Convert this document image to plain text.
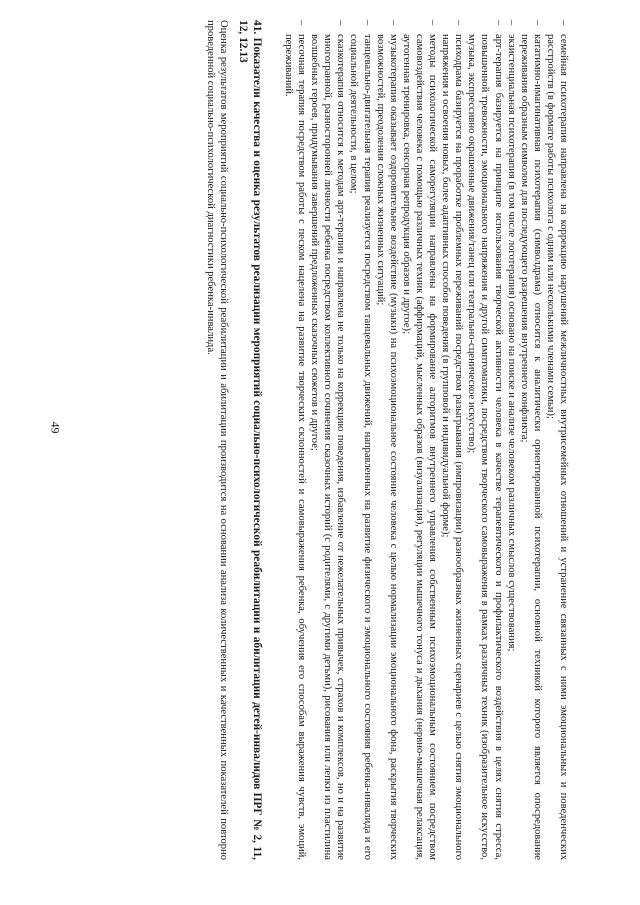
49
–
семейная психотерапия направлена на коррекцию нарушений межличностных внутрисемейных отношений и устранение связанных с ними эмоциональных и поведенческих расстройств (в формате работы психолога с одним или несколькими членами семьи);
–
кататимно-имагинативная психотерапия (символдрама) относится к аналитически ориентированной психотерапии, основной техникой которого является опосредование переживания образным символом для последующего разрешения внутреннего конфликта;
–
экзистенциальная психотерапия (в том числе логотерапия) основано на поиске и анализе человеком различных смыслов существования;
–
арт-терапия базируется на принципе использования творческой активности человека в качестве терапевтического и профилактического воздействия в целях снятия стресса, повышенной тревожности, эмоционального напряжения и другой симптоматики, посредством творческого самовыражения в рамках различных техник (изобразительное искусство, музыка, экспрессивно окрашенные движения/танец или театрально-сценическое искусство);
–
психодрама базируется на проработке проблемных переживаний посредством разыгрывания (импровизации) разнообразных жизненных сценариев с целью снятия эмоционального напряжения и освоения новых, более адаптивных способов поведения (в групповой и индивидуальной форме);
–
методы психологической саморегуляции направлены на формирование алгоритмов внутреннего управления собственным психоэмоциональным состоянием посредством самовоздействия человека с помощью различных техник (аффирмаций, мысленных образов (визуализация), регуляции мышечного тонуса и дыхания (нервно-мышечная релаксация, аутогенная тренировка, сенсорная репродукция образов и другое);
–
музыкотерапия оказывает оздоровительное воздействие (музыки) на психоэмоциональное состояние человека с целью нормализации эмоционального фона, раскрытия творческих возможностей, преодоления сложных жизненных ситуаций;
–
танцевально-двигательная терапия реализуется посредством танцевальных движений, направленных на развитие физического и эмоционального состояния ребенка-инвалида и его социальной деятельности, в целом;
–
сказкотерапия относится к методам арт-терапии и направлена не только на коррекцию поведения, избавление от нежелательных привычек, страхов и комплексов, но и на развитие многогранной, разносторонней личности ребенка посредством коллективного сочинения сказочных историй (с родителями, с другими детьми), рисования или лепки из пластилина волшебных героев, придумывания завершений предложенных сказочных сюжетов и другое;
–
песочная терапия посредством работы с песком нацелена на развитие творческих склонностей и самовыражения ребенка, обучения его способам выражения чувств, эмоций, переживаний.
41. Показатели качества и оценка результатов реализации мероприятий социально-психологической реабилитации и абилитации детей-инвалидов ПРГ № 2, 11, 12, 12.13
Оценка результатов мероприятий социально-психологической реабилитации и абилитации производится на основании анализа количественных и качественных показателей повторно проведенной социально-психологической диагностики ребенка-инвалида.
